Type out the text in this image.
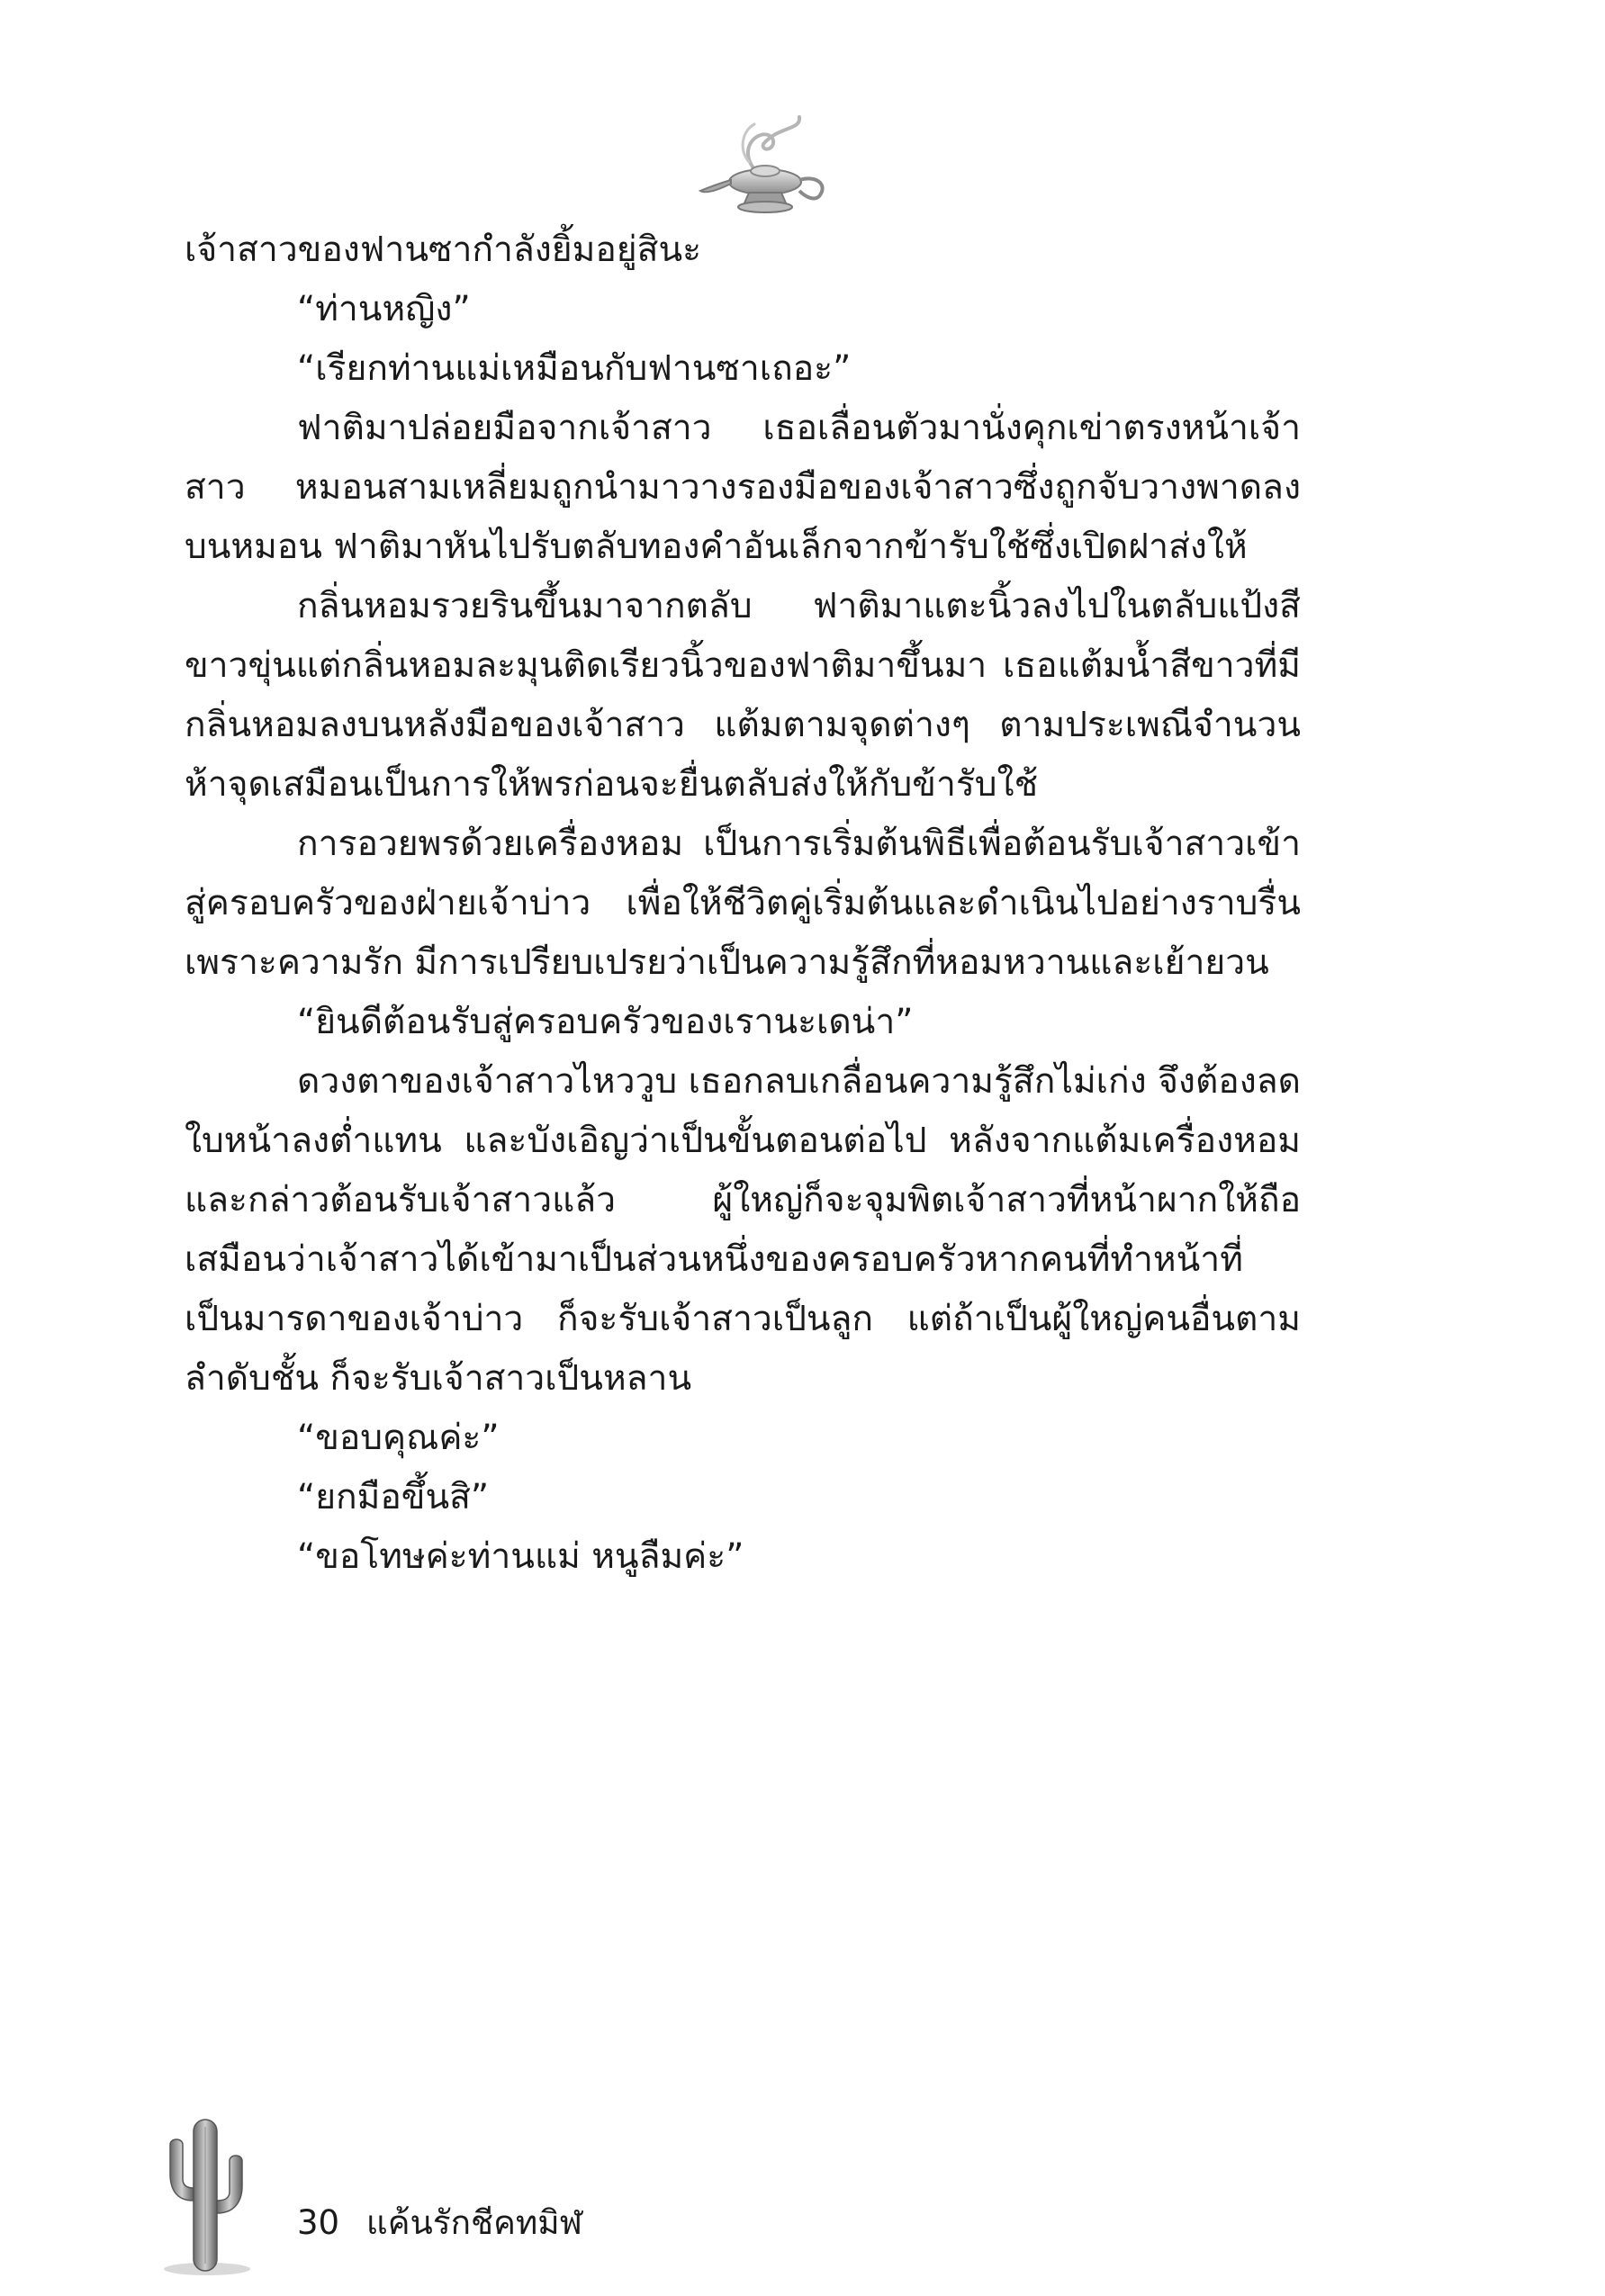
เจ้าสาวของฟานซากำลังยิ้มอยู่สินะ

“ท่านหญิง”

“เรียกท่านแม่เหมือนกับฟานซาเถอะ”

ฟาติมาปล่อยมือจากเจ้าสาว เธอเลื่อนตัวมานั่งคุกเข่าตรงหน้าเจ้าสาว หมอนสามเหลี่ยมถูกนำมาวางรองมือของเจ้าสาวซึ่งถูกจับวางพาดลงบนหมอน ฟาติมาหันไปรับตลับทองคำอันเล็กจากข้ารับใช้ซึ่งเปิดฝาส่งให้

กลิ่นหอมรวยรินขึ้นมาจากตลับ ฟาติมาแตะนิ้วลงไปในตลับแป้งสีขาวขุ่นแต่กลิ่นหอมละมุนติดเรียวนิ้วของฟาติมาขึ้นมา เธอแต้มน้ำสีขาวที่มีกลิ่นหอมลงบนหลังมือของเจ้าสาว แต้มตามจุดต่างๆ ตามประเพณีจำนวนห้าจุดเสมือนเป็นการให้พรก่อนจะยื่นตลับส่งให้กับข้ารับใช้

การอวยพรด้วยเครื่องหอม เป็นการเริ่มต้นพิธีเพื่อต้อนรับเจ้าสาวเข้าสู่ครอบครัวของฝ่ายเจ้าบ่าว เพื่อให้ชีวิตคู่เริ่มต้นและดำเนินไปอย่างราบรื่น เพราะความรัก มีการเปรียบเปรยว่าเป็นความรู้สึกที่หอมหวานและเย้ายวน

“ยินดีต้อนรับสู่ครอบครัวของเรานะเดน่า”

ดวงตาของเจ้าสาวไหววูบ เธอกลบเกลื่อนความรู้สึกไม่เก่ง จึงต้องลดใบหน้าลงต่ำแทน และบังเอิญว่าเป็นขั้นตอนต่อไป หลังจากแต้มเครื่องหอมและกล่าวต้อนรับเจ้าสาวแล้ว ผู้ใหญ่ก็จะจุมพิตเจ้าสาวที่หน้าผากให้ถือเสมือนว่าเจ้าสาวได้เข้ามาเป็นส่วนหนึ่งของครอบครัวหากคนที่ทำหน้าที่เป็นมารดาของเจ้าบ่าว ก็จะรับเจ้าสาวเป็นลูก แต่ถ้าเป็นผู้ใหญ่คนอื่นตามลำดับชั้น ก็จะรับเจ้าสาวเป็นหลาน

“ขอบคุณค่ะ”

“ยกมือขึ้นสิ”

“ขอโทษค่ะท่านแม่ หนูลืมค่ะ”

30 แค้นรักชีคทมิฬ
